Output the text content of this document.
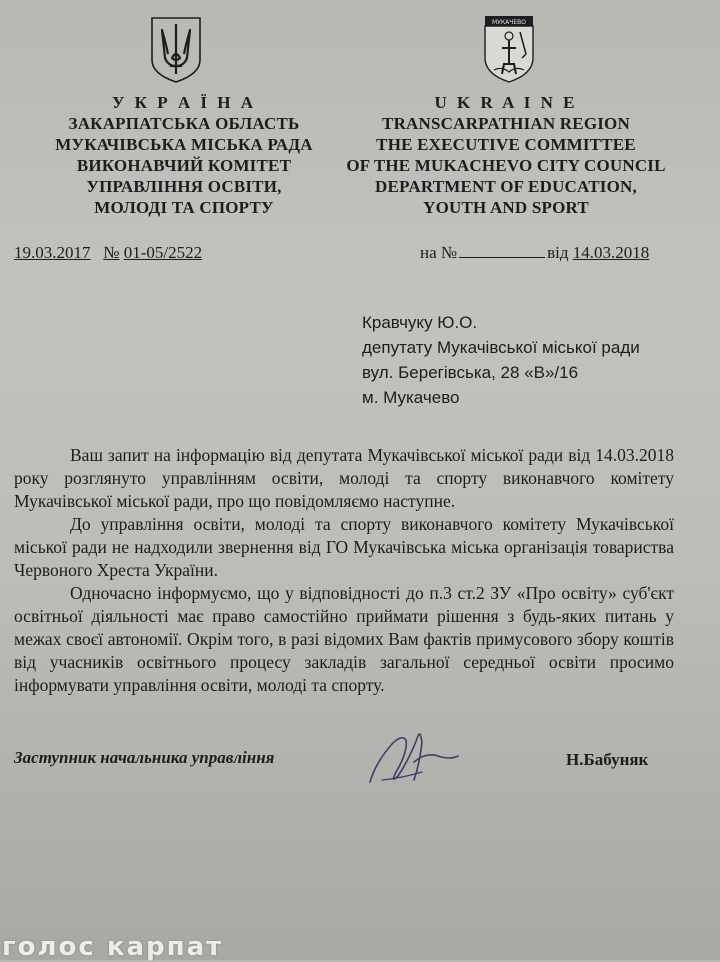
МУКАЧЕВО
У К Р А Ї Н А
ЗАКАРПАТСЬКА ОБЛАСТЬ
МУКАЧІВСЬКА МІСЬКА РАДА
ВИКОНАВЧИЙ КОМІТЕТ
УПРАВЛІННЯ ОСВІТИ,
МОЛОДІ ТА СПОРТУ
U K R A I N E
TRANSCARPATHIAN REGION
THE EXECUTIVE COMMITTEE
OF THE MUKACHEVO CITY COUNCIL
DEPARTMENT OF EDUCATION,
YOUTH AND SPORT
19.03.2017 № 01-05/2522	на №	від 14.03.2018
Кравчуку Ю.О.
депутату Мукачівської міської ради
вул. Берегівська, 28 «В»/16
м. Мукачево

Ваш запит на інформацію від депутата Мукачівської міської ради від 14.03.2018 року розглянуто управлінням освіти, молоді та спорту виконавчого комітету Мукачівської міської ради, про що повідомляємо наступне.

До управління освіти, молоді та спорту виконавчого комітету Мукачівської міської ради не надходили звернення від ГО Мукачівська міська організація товариства Червоного Хреста України.

Одночасно інформуємо, що у відповідності до п.3 ст.2 ЗУ «Про освіту» суб'єкт освітньої діяльності має право самостійно приймати рішення з будь-яких питань у межах своєї автономії. Окрім того, в разі відомих Вам фактів примусового збору коштів від учасників освітнього процесу закладів загальної середньої освіти просимо інформувати управління освіти, молоді та спорту.

Заступник начальника управління	Н.Бабуняк
голос карпат
